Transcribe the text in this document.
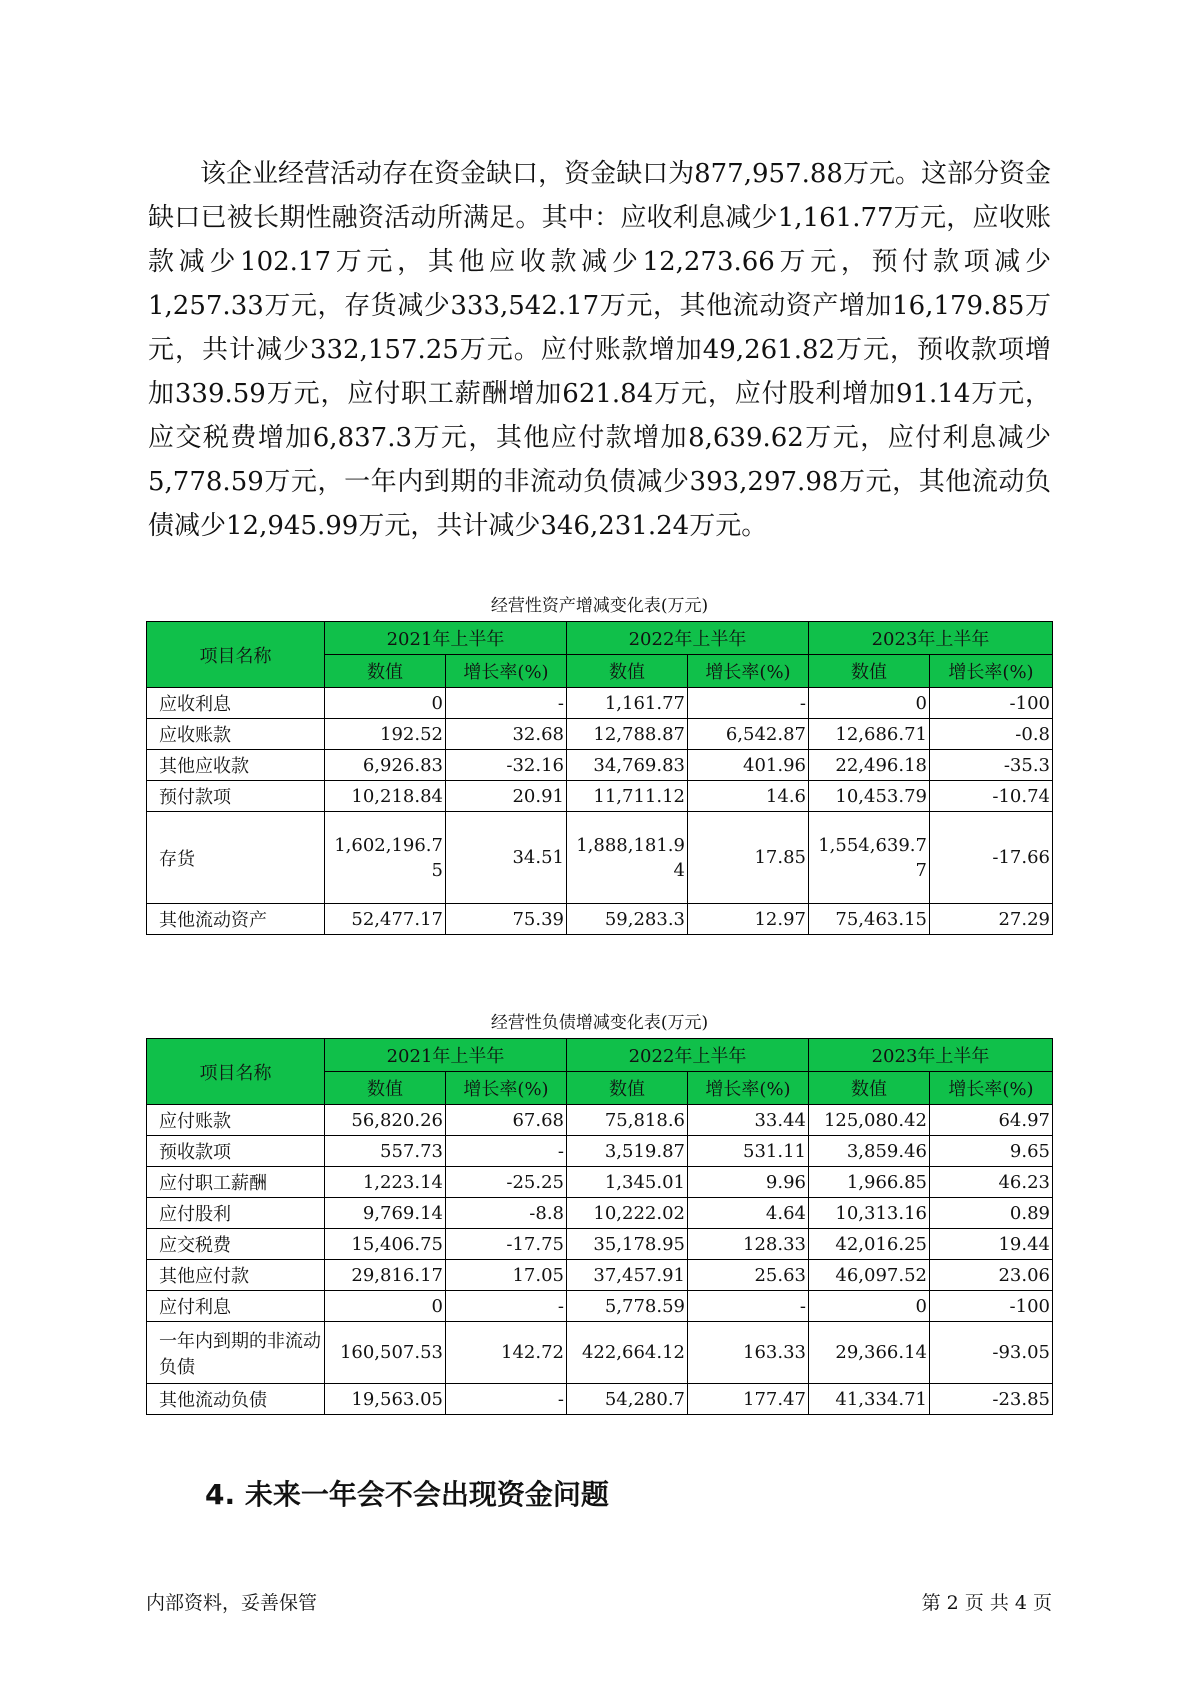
该企业经营活动存在资金缺口，资金缺口为877,957.88万元。这部分资金缺口已被长期性融资活动所满足。其中：应收利息减少1,161.77万元，应收账款减少102.17万元，其他应收款减少12,273.66万元，预付款项减少1,257.33万元，存货减少333,542.17万元，其他流动资产增加16,179.85万元，共计减少332,157.25万元。应付账款增加49,261.82万元，预收款项增加339.59万元，应付职工薪酬增加621.84万元，应付股利增加91.14万元，应交税费增加6,837.3万元，其他应付款增加8,639.62万元，应付利息减少5,778.59万元，一年内到期的非流动负债减少393,297.98万元，其他流动负债减少12,945.99万元，共计减少346,231.24万元。

经营性资产增减变化表(万元)
项目名称	2021年上半年		2022年上半年		2023年上半年	
	数值	增长率(%)	数值	增长率(%)	数值	增长率(%)
应收利息	0	-	1,161.77	-	0	-100
应收账款	192.52	32.68	12,788.87	6,542.87	12,686.71	-0.8
其他应收款	6,926.83	-32.16	34,769.83	401.96	22,496.18	-35.3
预付款项	10,218.84	20.91	11,711.12	14.6	10,453.79	-10.74
存货	1,602,196.75	34.51	1,888,181.94	17.85	1,554,639.77	-17.66
其他流动资产	52,477.17	75.39	59,283.3	12.97	75,463.15	27.29
经营性负债增减变化表(万元)
项目名称	2021年上半年		2022年上半年		2023年上半年	
	数值	增长率(%)	数值	增长率(%)	数值	增长率(%)
应付账款	56,820.26	67.68	75,818.6	33.44	125,080.42	64.97
预收款项	557.73	-	3,519.87	531.11	3,859.46	9.65
应付职工薪酬	1,223.14	-25.25	1,345.01	9.96	1,966.85	46.23
应付股利	9,769.14	-8.8	10,222.02	4.64	10,313.16	0.89
应交税费	15,406.75	-17.75	35,178.95	128.33	42,016.25	19.44
其他应付款	29,816.17	17.05	37,457.91	25.63	46,097.52	23.06
应付利息	0	-	5,778.59	-	0	-100
一年内到期的非流动负债	160,507.53	142.72	422,664.12	163.33	29,366.14	-93.05
其他流动负债	19,563.05	-	54,280.7	177.47	41,334.71	-23.85
4. 未来一年会不会出现资金问题
内部资料，妥善保管	第 2 页 共 4 页
